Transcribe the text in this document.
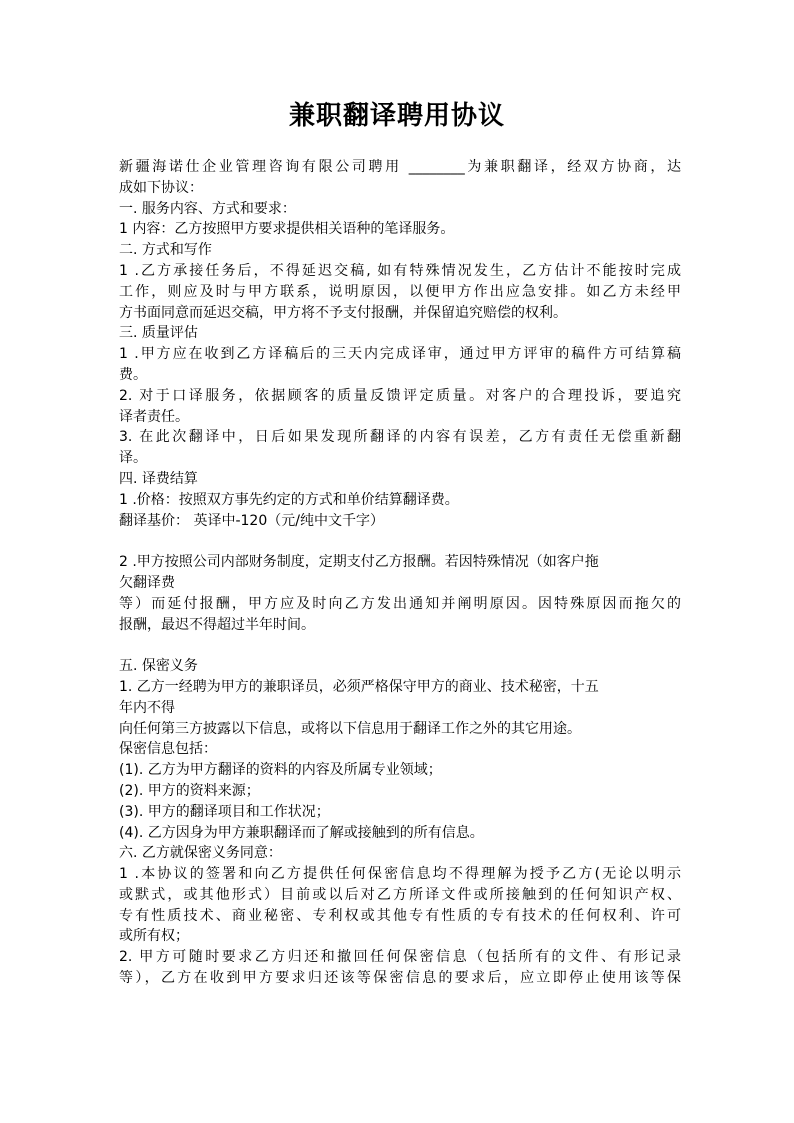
兼职翻译聘用协议
新疆海诺仕企业管理咨询有限公司聘用 ________为兼职翻译，经双方协商，达
成如下协议：
一. 服务内容、方式和要求：
1 内容：乙方按照甲方要求提供相关语种的笔译服务。
二. 方式和写作
1 .乙方承接任务后，不得延迟交稿, 如有特殊情况发生，乙方估计不能按时完成
工作，则应及时与甲方联系，说明原因，以便甲方作出应急安排。如乙方未经甲
方书面同意而延迟交稿，甲方将不予支付报酬，并保留追究赔偿的权利。
三. 质量评估
1 .甲方应在收到乙方译稿后的三天内完成译审，通过甲方评审的稿件方可结算稿
费。
2. 对于口译服务，依据顾客的质量反馈评定质量。对客户的合理投诉，要追究
译者责任。
3. 在此次翻译中，日后如果发现所翻译的内容有误差，乙方有责任无偿重新翻
译。
四. 译费结算
1 .价格：按照双方事先约定的方式和单价结算翻译费。
翻译基价： 英译中-120（元/纯中文千字）
2 .甲方按照公司内部财务制度，定期支付乙方报酬。若因特殊情况（如客户拖
欠翻译费
等）而延付报酬，甲方应及时向乙方发出通知并阐明原因。因特殊原因而拖欠的
报酬，最迟不得超过半年时间。
五. 保密义务
1. 乙方一经聘为甲方的兼职译员，必须严格保守甲方的商业、技术秘密，十五
年内不得
向任何第三方披露以下信息，或将以下信息用于翻译工作之外的其它用途。
保密信息包括：
(1). 乙方为甲方翻译的资料的内容及所属专业领域；
(2). 甲方的资料来源；
(3). 甲方的翻译项目和工作状况；
(4). 乙方因身为甲方兼职翻译而了解或接触到的所有信息。
六. 乙方就保密义务同意：
1 .本协议的签署和向乙方提供任何保密信息均不得理解为授予乙方(无论以明示
或默式，或其他形式）目前或以后对乙方所译文件或所接触到的任何知识产权、
专有性质技术、商业秘密、专利权或其他专有性质的专有技术的任何权利、许可
或所有权；
2. 甲方可随时要求乙方归还和撤回任何保密信息（包括所有的文件、有形记录
等），乙方在收到甲方要求归还该等保密信息的要求后，应立即停止使用该等保
